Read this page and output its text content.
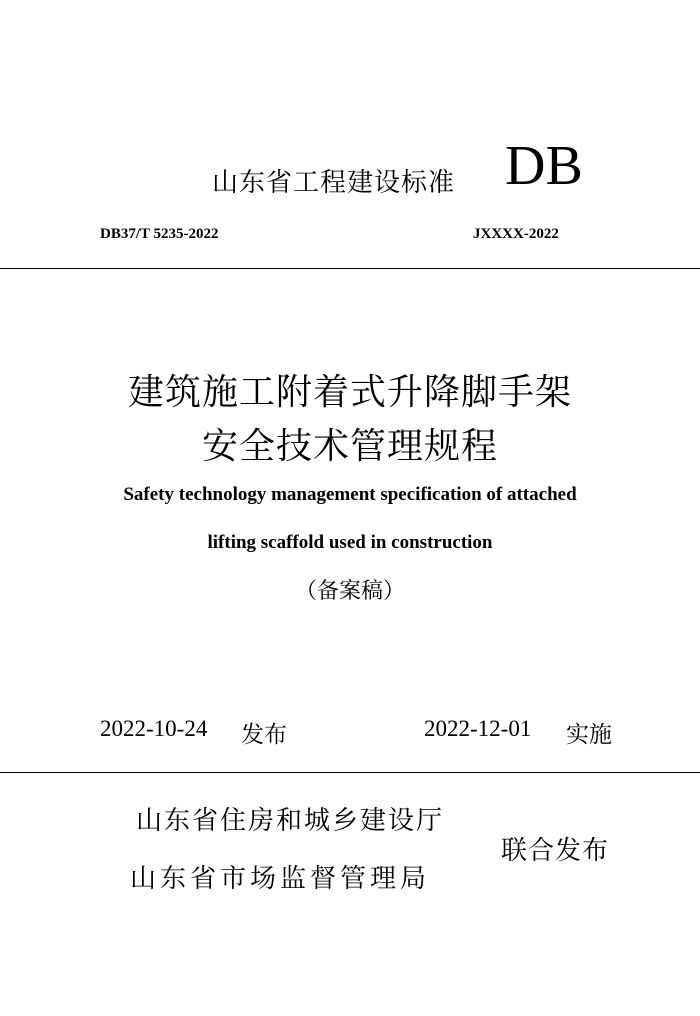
山东省工程建设标准 DB
DB37/T 5235-2022	JXXXX-2022
建筑施工附着式升降脚手架
安全技术管理规程
Safety technology management specification of attached
lifting scaffold used in construction
（备案稿）
2022-10-24 发布	2022-12-01 实施
山东省住房和城乡建设厅
山东省市场监督管理局
联合发布
